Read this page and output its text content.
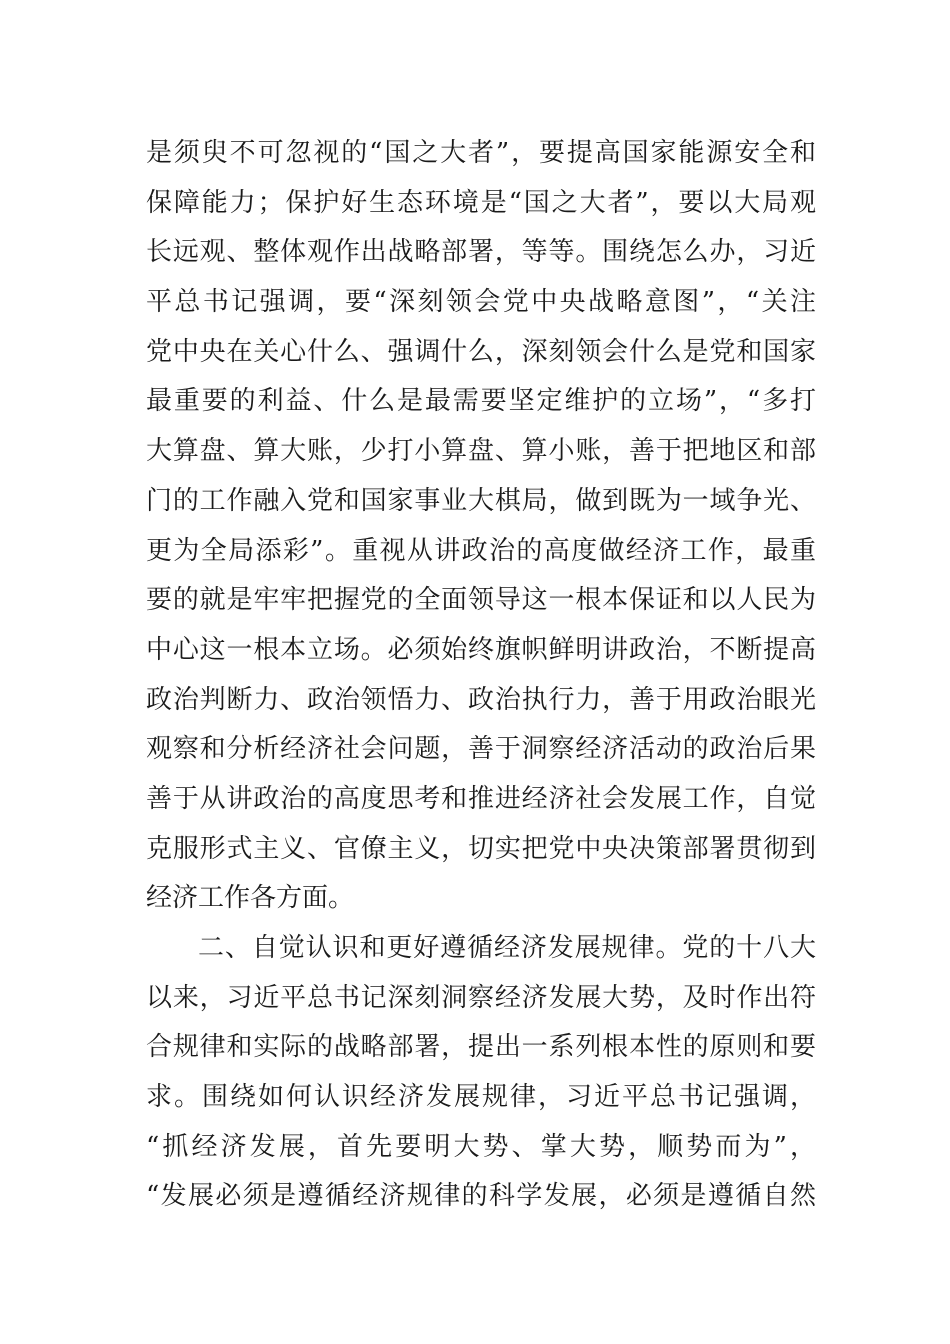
是须臾不可忽视的“国之大者”，要提高国家能源安全和
保障能力；保护好生态环境是“国之大者”，要以大局观
长远观、整体观作出战略部署，等等。围绕怎么办，习近
平总书记强调，要“深刻领会党中央战略意图”，“关注
党中央在关心什么、强调什么，深刻领会什么是党和国家
最重要的利益、什么是最需要坚定维护的立场”，“多打
大算盘、算大账，少打小算盘、算小账，善于把地区和部
门的工作融入党和国家事业大棋局，做到既为一域争光、
更为全局添彩”。重视从讲政治的高度做经济工作，最重
要的就是牢牢把握党的全面领导这一根本保证和以人民为
中心这一根本立场。必须始终旗帜鲜明讲政治，不断提高
政治判断力、政治领悟力、政治执行力，善于用政治眼光
观察和分析经济社会问题，善于洞察经济活动的政治后果
善于从讲政治的高度思考和推进经济社会发展工作，自觉
克服形式主义、官僚主义，切实把党中央决策部署贯彻到
经济工作各方面。
二、自觉认识和更好遵循经济发展规律。党的十八大
以来，习近平总书记深刻洞察经济发展大势，及时作出符
合规律和实际的战略部署，提出一系列根本性的原则和要
求。围绕如何认识经济发展规律，习近平总书记强调，
“抓经济发展，首先要明大势、掌大势，顺势而为”，
“发展必须是遵循经济规律的科学发展，必须是遵循自然
